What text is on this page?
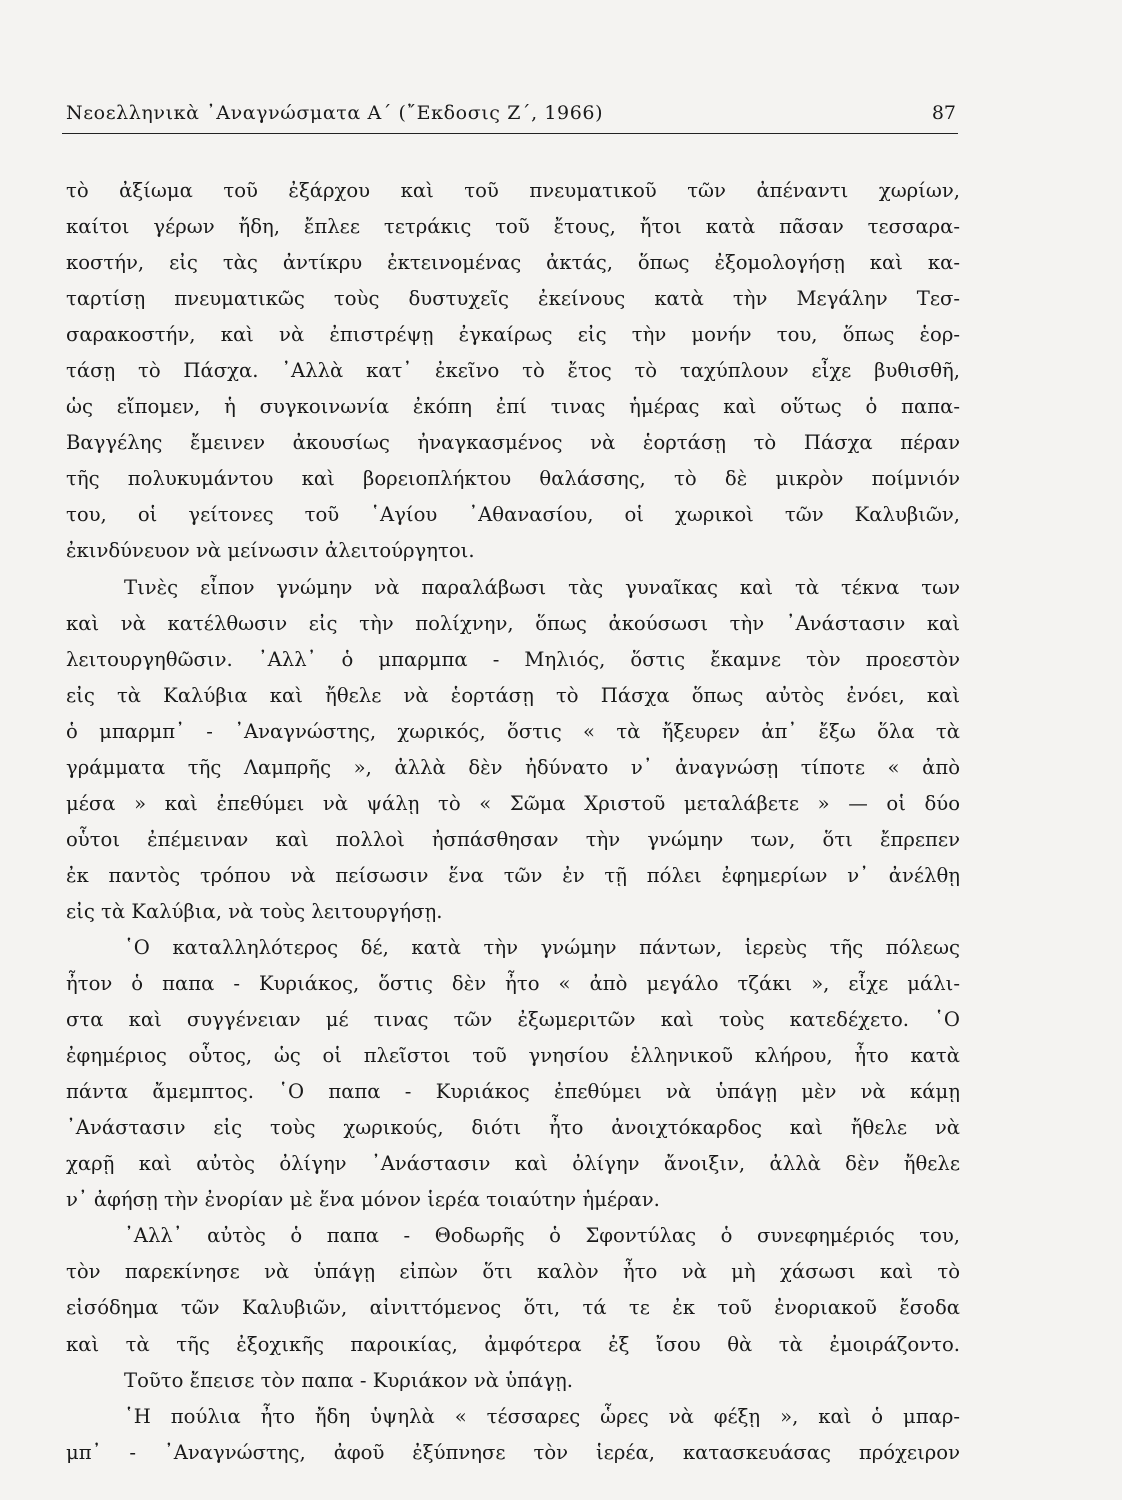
Νεοελληνικὰ ᾿Αναγνώσματα Α΄ (῎Εκδοσις Ζ΄, 1966)	87
τὸ ἀξίωμα τοῦ ἐξάρχου καὶ τοῦ πνευματικοῦ τῶν ἀπέναντι χωρίων,
καίτοι γέρων ἤδη, ἔπλεε τετράκις τοῦ ἔτους, ἤτοι κατὰ πᾶσαν τεσσαρα-
κοστήν, εἰς τὰς ἀντίκρυ ἐκτεινομένας ἀκτάς, ὅπως ἐξομολογήσῃ καὶ κα-
ταρτίσῃ πνευματικῶς τοὺς δυστυχεῖς ἐκείνους κατὰ τὴν Μεγάλην Τεσ-
σαρακοστήν, καὶ νὰ ἐπιστρέψῃ ἐγκαίρως εἰς τὴν μονήν του, ὅπως ἑορ-
τάσῃ τὸ Πάσχα. ᾿Αλλὰ κατ᾿ ἐκεῖνο τὸ ἔτος τὸ ταχύπλουν εἶχε βυθισθῆ,
ὡς εἴπομεν, ἡ συγκοινωνία ἐκόπη ἐπί τινας ἡμέρας καὶ οὕτως ὁ παπα-
Βαγγέλης ἔμεινεν ἀκουσίως ἠναγκασμένος νὰ ἑορτάσῃ τὸ Πάσχα πέραν
τῆς πολυκυμάντου καὶ βορειοπλήκτου θαλάσσης, τὸ δὲ μικρὸν ποίμνιόν
του, οἱ γείτονες τοῦ ῾Αγίου ᾿Αθανασίου, οἱ χωρικοὶ τῶν Καλυβιῶν,
ἐκινδύνευον νὰ μείνωσιν ἀλειτούργητοι.
Τινὲς εἶπον γνώμην νὰ παραλάβωσι τὰς γυναῖκας καὶ τὰ τέκνα των
καὶ νὰ κατέλθωσιν εἰς τὴν πολίχνην, ὅπως ἀκούσωσι τὴν ᾿Ανάστασιν καὶ
λειτουργηθῶσιν. ᾿Αλλ᾿ ὁ μπαρμπα - Μηλιός, ὅστις ἔκαμνε τὸν προεστὸν
εἰς τὰ Καλύβια καὶ ἤθελε νὰ ἑορτάσῃ τὸ Πάσχα ὅπως αὐτὸς ἐνόει, καὶ
ὁ μπαρμπ᾿ - ᾿Αναγνώστης, χωρικός, ὅστις « τὰ ἤξευρεν ἀπ᾿ ἔξω ὅλα τὰ
γράμματα τῆς Λαμπρῆς », ἀλλὰ δὲν ἠδύνατο ν᾿ ἀναγνώσῃ τίποτε « ἀπὸ
μέσα » καὶ ἐπεθύμει νὰ ψάλῃ τὸ « Σῶμα Χριστοῦ μεταλάβετε » — οἱ δύο
οὗτοι ἐπέμειναν καὶ πολλοὶ ἠσπάσθησαν τὴν γνώμην των, ὅτι ἔπρεπεν
ἐκ παντὸς τρόπου νὰ πείσωσιν ἕνα τῶν ἐν τῇ πόλει ἐφημερίων ν᾿ ἀνέλθῃ
εἰς τὰ Καλύβια, νὰ τοὺς λειτουργήσῃ.
῾Ο καταλληλότερος δέ, κατὰ τὴν γνώμην πάντων, ἱερεὺς τῆς πόλεως
ἦτον ὁ παπα - Κυριάκος, ὅστις δὲν ἦτο « ἀπὸ μεγάλο τζάκι », εἶχε μάλι-
στα καὶ συγγένειαν μέ τινας τῶν ἐξωμεριτῶν καὶ τοὺς κατεδέχετο. ῾Ο
ἐφημέριος οὗτος, ὡς οἱ πλεῖστοι τοῦ γνησίου ἑλληνικοῦ κλήρου, ἦτο κατὰ
πάντα ἄμεμπτος. ῾Ο παπα - Κυριάκος ἐπεθύμει νὰ ὑπάγῃ μὲν νὰ κάμῃ
᾿Ανάστασιν εἰς τοὺς χωρικούς, διότι ἦτο ἀνοιχτόκαρδος καὶ ἤθελε νὰ
χαρῇ καὶ αὐτὸς ὀλίγην ᾿Ανάστασιν καὶ ὀλίγην ἄνοιξιν, ἀλλὰ δὲν ἤθελε
ν᾿ ἀφήσῃ τὴν ἐνορίαν μὲ ἕνα μόνον ἱερέα τοιαύτην ἡμέραν.
᾿Αλλ᾿ αὐτὸς ὁ παπα - Θοδωρῆς ὁ Σφοντύλας ὁ συνεφημέριός του,
τὸν παρεκίνησε νὰ ὑπάγῃ εἰπὼν ὅτι καλὸν ἦτο νὰ μὴ χάσωσι καὶ τὸ
εἰσόδημα τῶν Καλυβιῶν, αἰνιττόμενος ὅτι, τά τε ἐκ τοῦ ἐνοριακοῦ ἔσοδα
καὶ τὰ τῆς ἐξοχικῆς παροικίας, ἀμφότερα ἐξ ἴσου θὰ τὰ ἐμοιράζοντο.
Τοῦτο ἔπεισε τὸν παπα - Κυριάκον νὰ ὑπάγῃ.
῾Η πούλια ἦτο ἤδη ὑψηλὰ « τέσσαρες ὧρες νὰ φέξῃ », καὶ ὁ μπαρ-
μπ᾿ - ᾿Αναγνώστης, ἀφοῦ ἐξύπνησε τὸν ἱερέα, κατασκευάσας πρόχειρον
